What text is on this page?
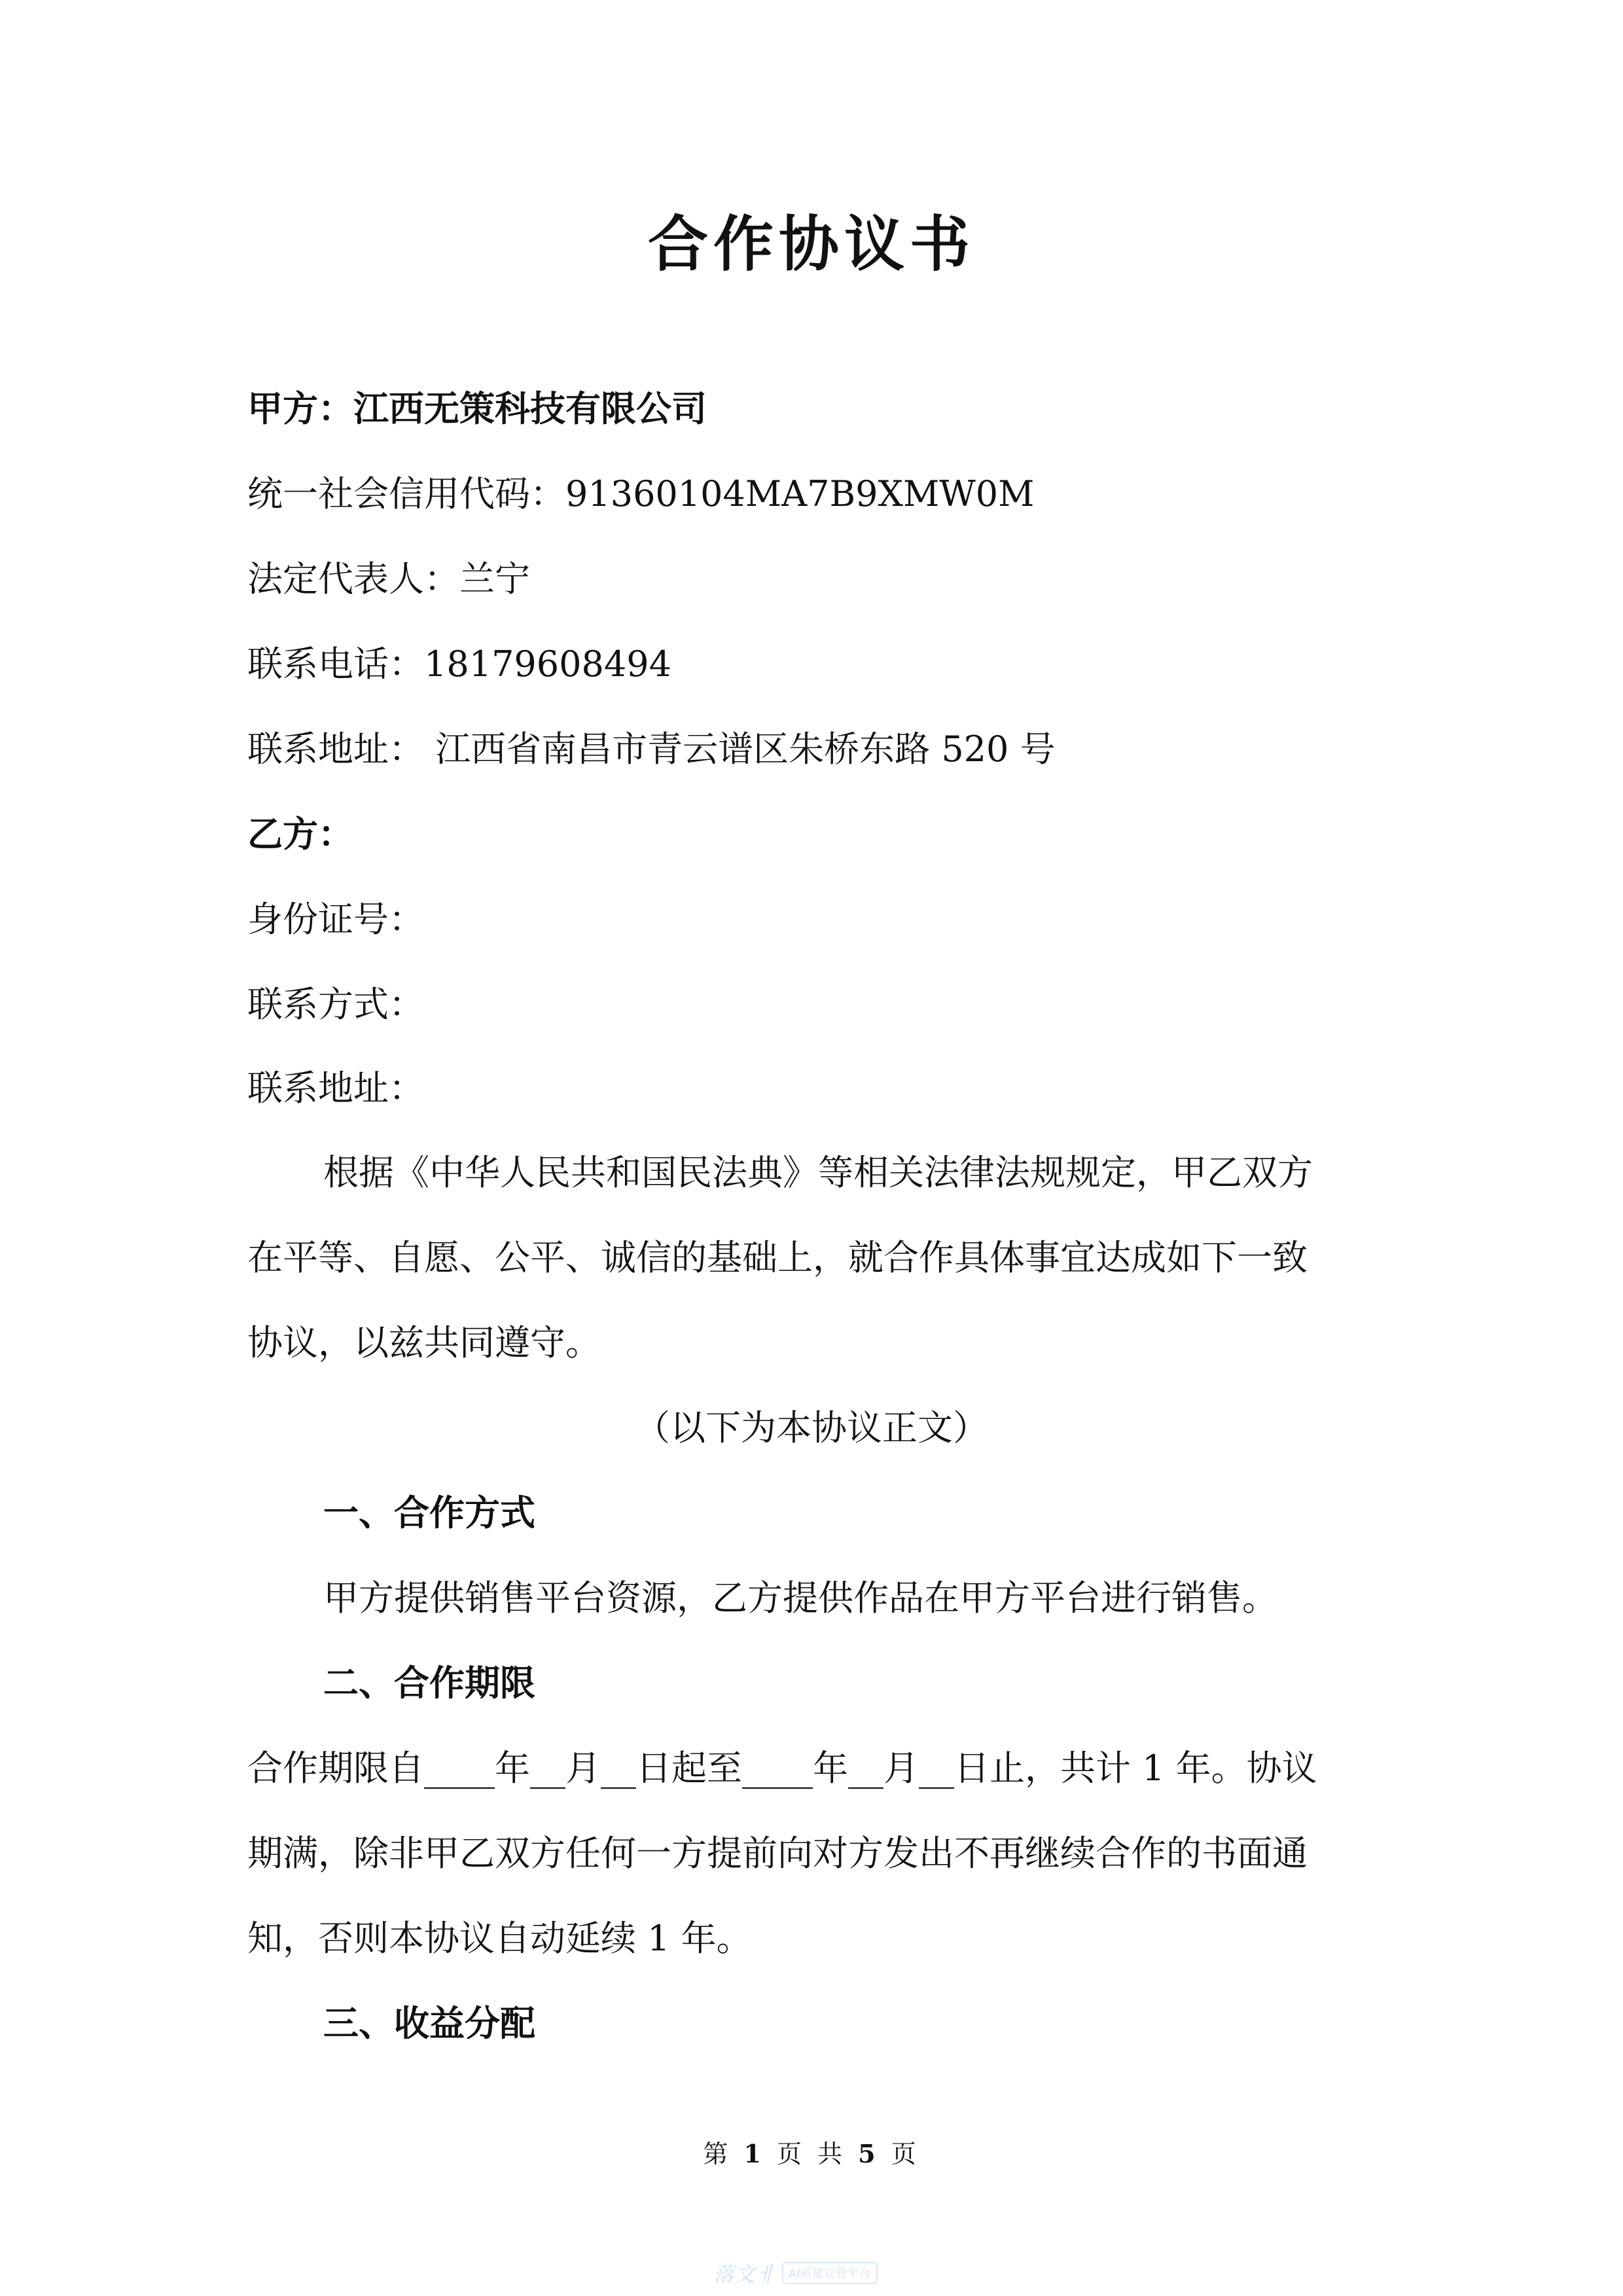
合作协议书
甲方：江西无策科技有限公司
统一社会信用代码：91360104MA7B9XMW0M
法定代表人：兰宁
联系电话：18179608494
联系地址： 江西省南昌市青云谱区朱桥东路 520 号
乙方：
身份证号：
联系方式：
联系地址：
根据《中华人民共和国民法典》等相关法律法规规定，甲乙双方
在平等、自愿、公平、诚信的基础上，就合作具体事宜达成如下一致
协议，以兹共同遵守。
（以下为本协议正文）
一、合作方式
甲方提供销售平台资源，乙方提供作品在甲方平台进行销售。
二、合作期限
合作期限自____年__月__日起至____年__月__日止，共计 1 年。协议
期满，除非甲乙双方任何一方提前向对方发出不再继续合作的书面通
知，否则本协议自动延续 1 年。
三、收益分配
第 1 页 共 5 页
落文ㅔ	AI质量立管平台
